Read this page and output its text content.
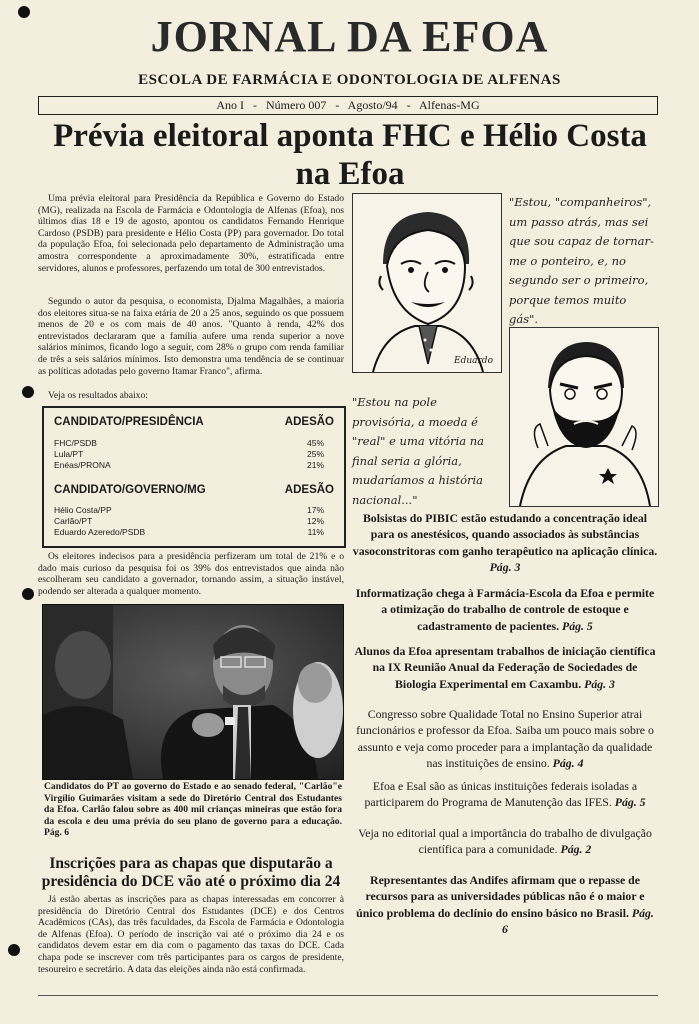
JORNAL DA EFOA
ESCOLA DE FARMÁCIA E ODONTOLOGIA DE ALFENAS
Ano I   -   Número 007   -   Agosto/94   -   Alfenas-MG
Prévia eleitoral aponta FHC e Hélio Costa na Efoa
Uma prévia eleitoral para Presidência da República e Governo do Estado (MG), realizada na Escola de Farmácia e Odontologia de Alfenas (Efoa), nos últimos dias 18 e 19 de agosto, apontou os candidatos Fernando Henrique Cardoso (PSDB) para presidente e Hélio Costa (PP) para governador. Do total da população Efoa, foi selecionada pelo departamento de Administração uma amostra correspondente a aproximadamente 30%, estratificada entre servidores, alunos e professores, perfazendo um total de 300 entrevistados.
Segundo o autor da pesquisa, o economista, Djalma Magalhães, a maioria dos eleitores situa-se na faixa etária de 20 a 25 anos, seguindo os que possuem menos de 20 e os com mais de 40 anos. "Quanto à renda, 42% dos entrevistados declararam que a família aufere uma renda superior a nove salários mínimos, ficando logo a seguir, com 28% o grupo com renda familiar de três a seis salários mínimos. Isto demonstra uma tendência de se continuar as políticas adotadas pelo governo Itamar Franco", afirma.
Veja os resultados abaixo:
CANDIDATO/PRESIDÊNCIA	ADESÃO
FHC/PSDB	45%
Lula/PT	25%
Enéas/PRONA	21%
CANDIDATO/GOVERNO/MG	ADESÃO
Hélio Costa/PP	17%
Carlão/PT	12%
Eduardo Azeredo/PSDB	11%
Os eleitores indecisos para a presidência perfizeram um total de 21% e o dado mais curioso da pesquisa foi os 39% dos entrevistados que ainda não escolheram seu candidato a governador, tornando assim, a situação instável, podendo ser alterada a qualquer momento.
Candidatos do PT ao governo do Estado e ao senado federal, "Carlão"e Virgílio Guimarães visitam a sede do Diretório Central dos Estudantes da Efoa. Carlão falou sobre as 400 mil crianças mineiras que estão fora da escola e deu uma prévia do seu plano de governo para a educação. Pág. 6
Inscrições para as chapas que disputarão a presidência do DCE vão até o próximo dia 24
Já estão abertas as inscrições para as chapas interessadas em concorrer à presidência do Diretório Central dos Estudantes (DCE) e dos Centros Acadêmicos (CAs), das três faculdades, da Escola de Farmácia e Odontologia de Alfenas (Efoa). O período de inscrição vai até o próximo dia 24 e os candidatos devem estar em dia com o pagamento das taxas do DCE. Cada chapa pode se inscrever com três participantes para os cargos de presidente, tesoureiro e secretário. A data das eleições ainda não está confirmada.
Eduardo
"Estou, "companheiros", um passo atrás, mas sei que sou capaz de tornar-me o ponteiro, e, no segundo ser o primeiro, porque temos muito gás".
"Estou na pole provisória, a moeda é "real" e uma vitória na final seria a glória, mudaríamos a história nacional..."
Bolsistas do PIBIC estão estudando a concentração ideal para os anestésicos, quando associados às substâncias vasoconstritoras com ganho terapêutico na aplicação clínica. Pág. 3
Informatização chega à Farmácia-Escola da Efoa e permite a otimização do trabalho de controle de estoque e cadastramento de pacientes. Pág. 5
Alunos da Efoa apresentam trabalhos de iniciação científica na IX Reunião Anual da Federação de Sociedades de Biologia Experimental em Caxambu. Pág. 3
Congresso sobre Qualidade Total no Ensino Superior atrai funcionários e professor da Efoa. Saiba um pouco mais sobre o assunto e veja como proceder para a implantação da qualidade nas instituições de ensino. Pág. 4
Efoa e Esal são as únicas instituições federais isoladas a participarem do Programa de Manutenção das IFES. Pág. 5
Veja no editorial qual a importância do trabalho de divulgação científica para a comunidade. Pág. 2
Representantes das Andifes afirmam que o repasse de recursos para as universidades públicas não é o maior e único problema do declínio do ensino básico no Brasil. Pág. 6
